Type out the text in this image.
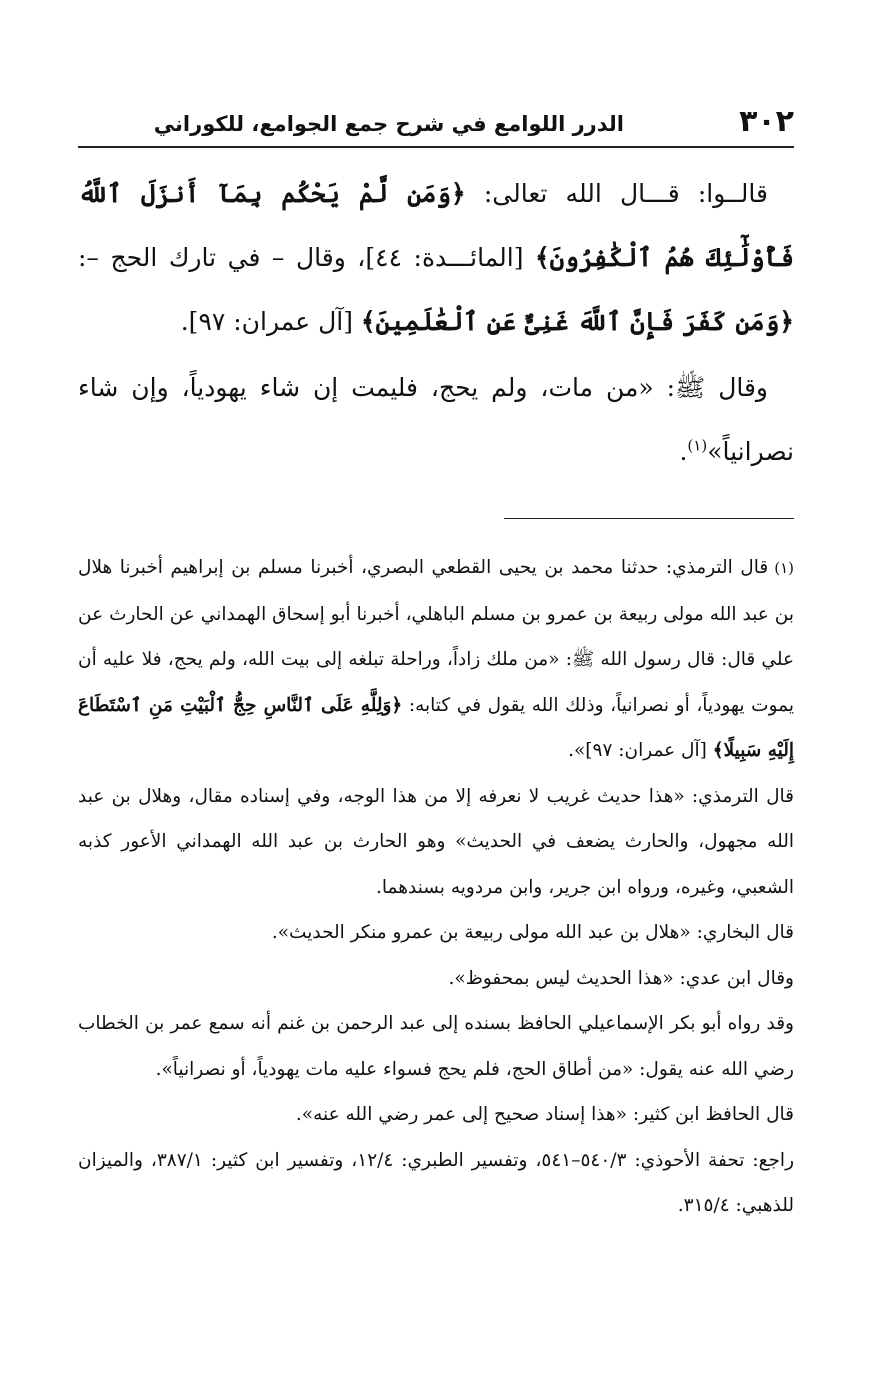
٣٠٢
الدرر اللوامع في شرح جمع الجوامع، للكوراني

قالــوا: قـــال الله تعالى: ﴿وَمَن لَّمْ يَحْكُم بِمَآ أَنزَلَ ٱللَّهُ فَأُوْلَٰٓئِكَ هُمُ ٱلْكَٰفِرُونَ﴾ [المائـــدة: ٤٤]، وقال – في تارك الحج –: ﴿وَمَن كَفَرَ فَإِنَّ ٱللَّهَ غَنِىٌّ عَنِ ٱلْعَٰلَمِينَ﴾ [آل عمران: ٩٧].

وقال ﷺ: «من مات، ولم يحج، فليمت إن شاء يهودياً، وإن شاء نصرانياً»$^{(١)}$.

(١)قال الترمذي: حدثنا محمد بن يحيى القطعي البصري، أخبرنا مسلم بن إبراهيم أخبرنا هلال بن عبد الله مولى ربيعة بن عمرو بن مسلم الباهلي، أخبرنا أبو إسحاق الهمداني عن الحارث عن علي قال: قال رسول الله ﷺ: «من ملك زاداً، وراحلة تبلغه إلى بيت الله، ولم يحج، فلا عليه أن يموت يهودياً، أو نصرانياً، وذلك الله يقول في كتابه: ﴿وَلِلَّهِ عَلَى ٱلنَّاسِ حِجُّ ٱلْبَيْتِ مَنِ ٱسْتَطَاعَ إِلَيْهِ سَبِيلًا﴾ [آل عمران: ٩٧]».

قال الترمذي: «هذا حديث غريب لا نعرفه إلا من هذا الوجه، وفي إسناده مقال، وهلال بن عبد الله مجهول، والحارث يضعف في الحديث» وهو الحارث بن عبد الله الهمداني الأعور كذبه الشعبي، وغيره، ورواه ابن جرير، وابن مردويه بسندهما.

قال البخاري: «هلال بن عبد الله مولى ربيعة بن عمرو منكر الحديث».

وقال ابن عدي: «هذا الحديث ليس بمحفوظ».

وقد رواه أبو بكر الإسماعيلي الحافظ بسنده إلى عبد الرحمن بن غنم أنه سمع عمر بن الخطاب رضي الله عنه يقول: «من أطاق الحج، فلم يحج فسواء عليه مات يهودياً، أو نصرانياً».

قال الحافظ ابن كثير: «هذا إسناد صحيح إلى عمر رضي الله عنه».

راجع: تحفة الأحوذي: ٥٤٠/٣–٥٤١، وتفسير الطبري: ١٢/٤، وتفسير ابن كثير: ٣٨٧/١، والميزان للذهبي: ٣١٥/٤.
